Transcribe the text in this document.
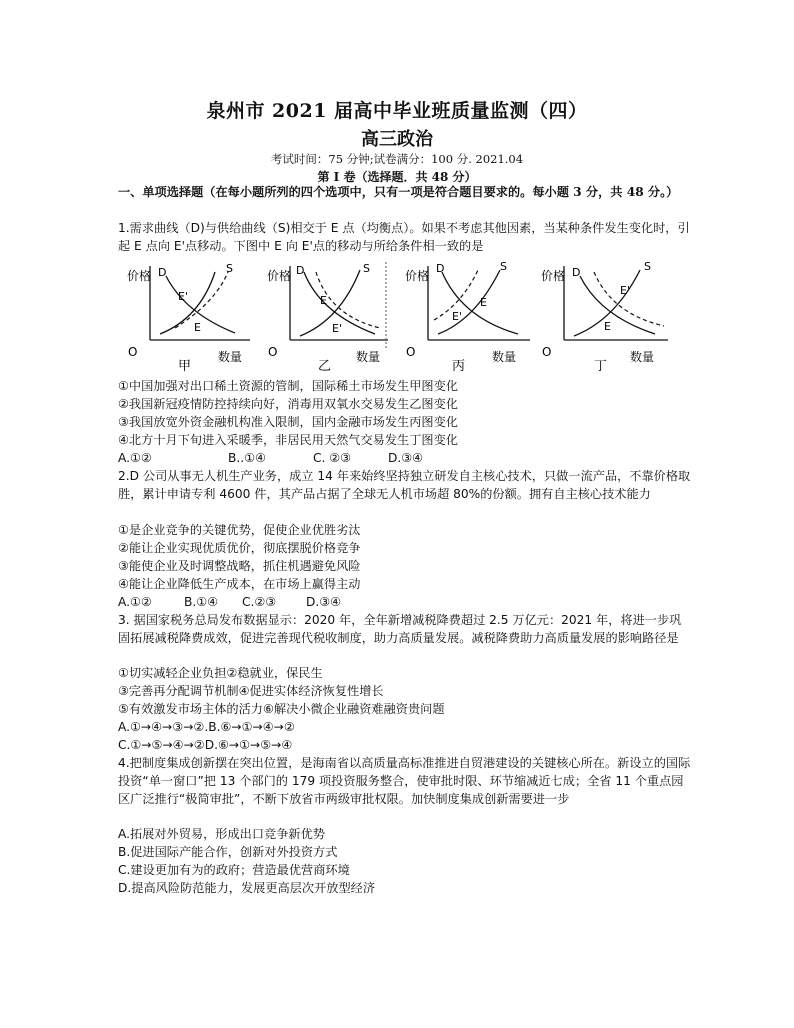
泉州市 2021 届高中毕业班质量监测（四）
高三政治
考试时间：75 分钟;试卷满分：100 分. 2021.04
第 I 卷（选择题．共 48 分）
一、单项选择题（在每小题所列的四个选项中，只有一项是符合题目要求的。每小题 3 分，共 48 分。）
1.需求曲线（D)与供给曲线（S)相交于 E 点（均衡点）。如果不考虑其他因素，当某种条件发生变化时，引起 E 点向 E'点移动。下图中 E 向 E'点的移动与所给条件相一致的是
价格
O	数量
甲
D	S
E'
E
价格
O	数量
乙
D	S
E
E'
价格
O	数量
丙
D	S
E'
E
价格
O	数量
丁
D	S
E'
E
①中国加强对出口稀土资源的管制，国际稀土市场发生甲图变化
②我国新冠疫情防控持续向好，消毒用双氧水交易发生乙图变化
③我国放宽外资金融机构准入限制，国内金融市场发生丙图变化
④北方十月下旬进入采暖季，非居民用天然气交易发生丁图变化
A.①②	B..①④	C. ②③	D.③④
2.D 公司从事无人机生产业务，成立 14 年来始终坚持独立研发自主核心技术，只做一流产品，不靠价格取胜，累计申请专利 4600 件，其产品占据了全球无人机市场超 80%的份额。拥有自主核心技术能力
①是企业竞争的关键优势，促使企业优胜劣汰
②能让企业实现优质优价，彻底摆脱价格竞争
③能使企业及时调整战略，抓住机遇避免风险
④能让企业降低生产成本，在市场上赢得主动
A.①②	B.①④ C.②③ D.③④
3. 据国家税务总局发布数据显示：2020 年，全年新增减税降费超过 2.5 万亿元：2021 年，将进一步巩固拓展减税降费成效，促进完善现代税收制度，助力高质量发展。减税降费助力高质量发展的影响路径是
①切实减轻企业负担②稳就业，保民生
③完善再分配调节机制④促进实体经济恢复性增长
⑤有效激发市场主体的活力⑥解决小微企业融资难融资贵问题
A.①→④→③→②.B.⑥→①→④→②
C.①→⑤→④→②D.⑥→①→⑤→④
4.把制度集成创新摆在突出位置，是海南省以高质量高标准推进自贸港建设的关键核心所在。新设立的国际投资“单一窗口”把 13 个部门的 179 项投资服务整合，使审批时限、环节缩减近七成；全省 11 个重点园区广泛推行“极简审批”，不断下放省市两级审批权限。加快制度集成创新需要进一步
A.拓展对外贸易，形成出口竞争新优势
B.促进国际产能合作，创新对外投资方式
C.建设更加有为的政府；营造最优营商环境
D.提高风险防范能力，发展更高层次开放型经济
